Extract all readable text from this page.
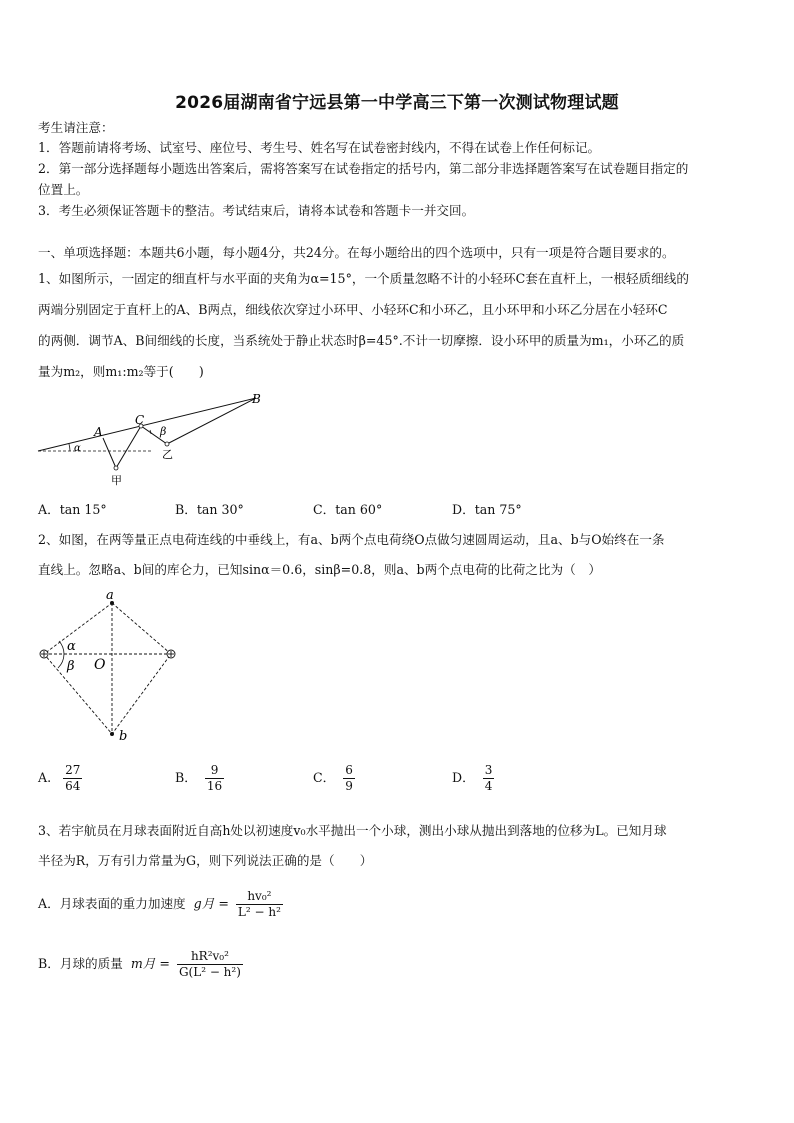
2026届湖南省宁远县第一中学高三下第一次测试物理试题
考生请注意：
1．答题前请将考场、试室号、座位号、考生号、姓名写在试卷密封线内，不得在试卷上作任何标记。
2．第一部分选择题每小题选出答案后，需将答案写在试卷指定的括号内，第二部分非选择题答案写在试卷题目指定的
位置上。
3．考生必须保证答题卡的整洁。考试结束后，请将本试卷和答题卡一并交回。
一、单项选择题：本题共6小题，每小题4分，共24分。在每小题给出的四个选项中，只有一项是符合题目要求的。
1、如图所示，一固定的细直杆与水平面的夹角为α=15°，一个质量忽略不计的小轻环C套在直杆上，一根轻质细线的
两端分别固定于直杆上的A、B两点，细线依次穿过小环甲、小轻环C和小环乙，且小环甲和小环乙分居在小轻环C
的两侧．调节A、B间细线的长度，当系统处于静止状态时β=45°.不计一切摩擦．设小环甲的质量为m₁，小环乙的质
量为m₂，则m₁:m₂等于(　　)
A
B
C
α
β
甲
乙
A．tan 15°	B．tan 30°	C．tan 60°	D．tan 75°
2、如图，在两等量正点电荷连线的中垂线上，有a、b两个点电荷绕O点做匀速圆周运动，且a、b与O始终在一条
直线上。忽略a、b间的库仑力，已知sinα＝0.6，sinβ=0.8，则a、b两个点电荷的比荷之比为（　）
a
b
O
α
β
A. $\frac{27}{64}$	B． $\frac{9}{16}$	C． $\frac{6}{9}$	D． $\frac{3}{4}$
3、若宇航员在月球表面附近自高h处以初速度v₀水平抛出一个小球，测出小球从抛出到落地的位移为L。已知月球
半径为R，万有引力常量为G，则下列说法正确的是（　　）
A．月球表面的重力加速度 g月 = $\frac{\text{hv₀²}}{\text{L² − h²}}$
B．月球的质量 m月 = $\frac{\text{hR²v₀²}}{\text{G(L² − h²)}}$
